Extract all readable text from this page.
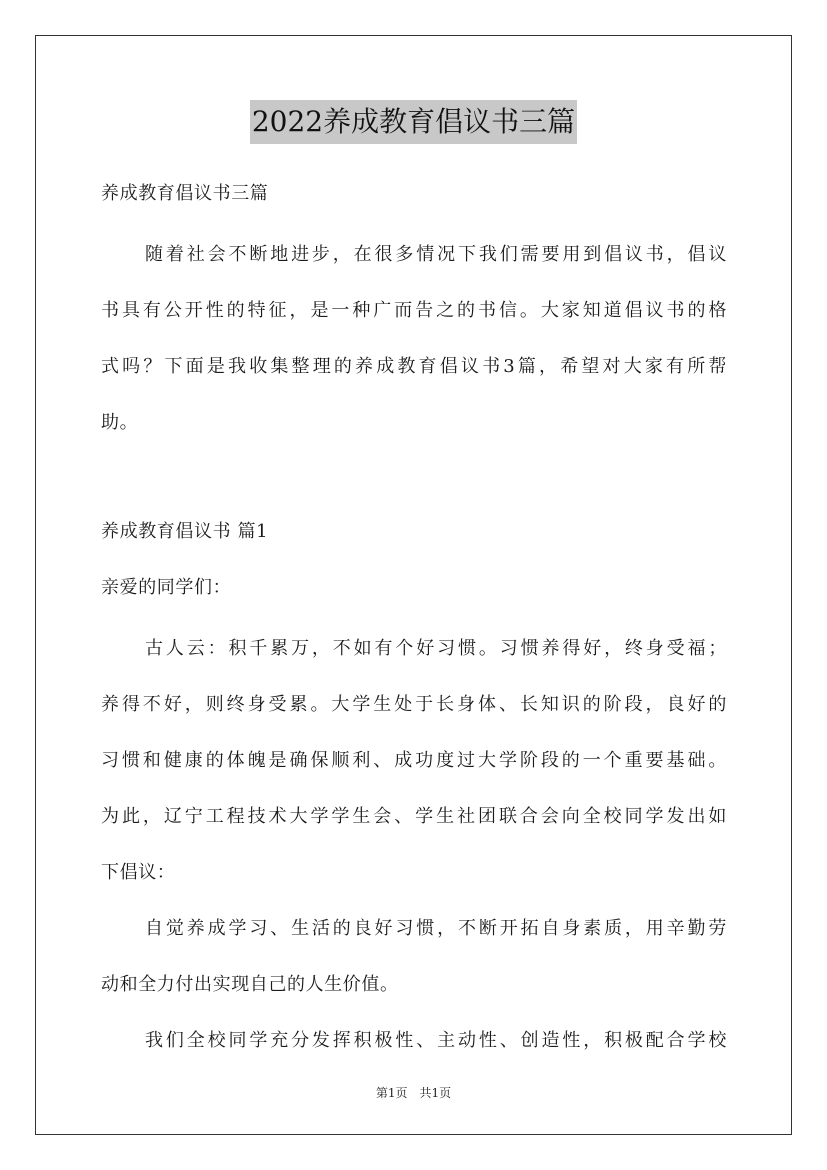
2022养成教育倡议书三篇

养成教育倡议书三篇

随着社会不断地进步，在很多情况下我们需要用到倡议书，倡议
书具有公开性的特征，是一种广而告之的书信。大家知道倡议书的格
式吗？下面是我收集整理的养成教育倡议书3篇，希望对大家有所帮
助。

养成教育倡议书 篇1

亲爱的同学们：

古人云：积千累万，不如有个好习惯。习惯养得好，终身受福；
养得不好，则终身受累。大学生处于长身体、长知识的阶段，良好的
习惯和健康的体魄是确保顺利、成功度过大学阶段的一个重要基础。
为此，辽宁工程技术大学学生会、学生社团联合会向全校同学发出如
下倡议：
自觉养成学习、生活的良好习惯，不断开拓自身素质，用辛勤劳
动和全力付出实现自己的人生价值。
我们全校同学充分发挥积极性、主动性、创造性，积极配合学校
第1页　共1页
